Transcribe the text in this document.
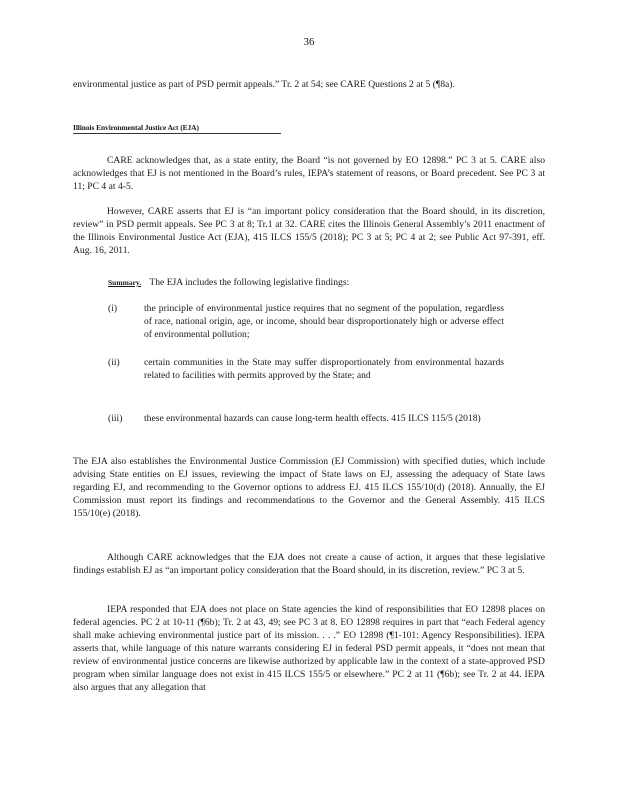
36

environmental justice as part of PSD permit appeals.” Tr. 2 at 54; see CARE Questions 2 at 5 (¶8a).

Illinois Environmental Justice Act (EJA)

CARE acknowledges that, as a state entity, the Board “is not governed by EO 12898.” PC 3 at 5. CARE also acknowledges that EJ is not mentioned in the Board’s rules, IEPA’s statement of reasons, or Board precedent. See PC 3 at 11; PC 4 at 4-5.

However, CARE asserts that EJ is “an important policy consideration that the Board should, in its discretion, review” in PSD permit appeals. See PC 3 at 8; Tr.1 at 32. CARE cites the Illinois General Assembly’s 2011 enactment of the Illinois Environmental Justice Act (EJA), 415 ILCS 155/5 (2018); PC 3 at 5; PC 4 at 2; see Public Act 97-391, eff. Aug. 16, 2011.

Summary. The EJA includes the following legislative findings:
(i)	the principle of environmental justice requires that no segment of the population, regardless of race, national origin, age, or income, should bear disproportionately high or adverse effect of environmental pollution;
(ii)	certain communities in the State may suffer disproportionately from environmental hazards related to facilities with permits approved by the State; and
(iii)	these environmental hazards can cause long-term health effects. 415 ILCS 115/5 (2018)

The EJA also establishes the Environmental Justice Commission (EJ Commission) with specified duties, which include advising State entities on EJ issues, reviewing the impact of State laws on EJ, assessing the adequacy of State laws regarding EJ, and recommending to the Governor options to address EJ. 415 ILCS 155/10(d) (2018). Annually, the EJ Commission must report its findings and recommendations to the Governor and the General Assembly. 415 ILCS 155/10(e) (2018).

Although CARE acknowledges that the EJA does not create a cause of action, it argues that these legislative findings establish EJ as “an important policy consideration that the Board should, in its discretion, review.” PC 3 at 5.

IEPA responded that EJA does not place on State agencies the kind of responsibilities that EO 12898 places on federal agencies. PC 2 at 10-11 (¶6b); Tr. 2 at 43, 49; see PC 3 at 8. EO 12898 requires in part that “each Federal agency shall make achieving environmental justice part of its mission. . . .” EO 12898 (¶1-101: Agency Responsibilities). IEPA asserts that, while language of this nature warrants considering EJ in federal PSD permit appeals, it “does not mean that review of environmental justice concerns are likewise authorized by applicable law in the context of a state-approved PSD program when similar language does not exist in 415 ILCS 155/5 or elsewhere.” PC 2 at 11 (¶6b); see Tr. 2 at 44. IEPA also argues that any allegation that
